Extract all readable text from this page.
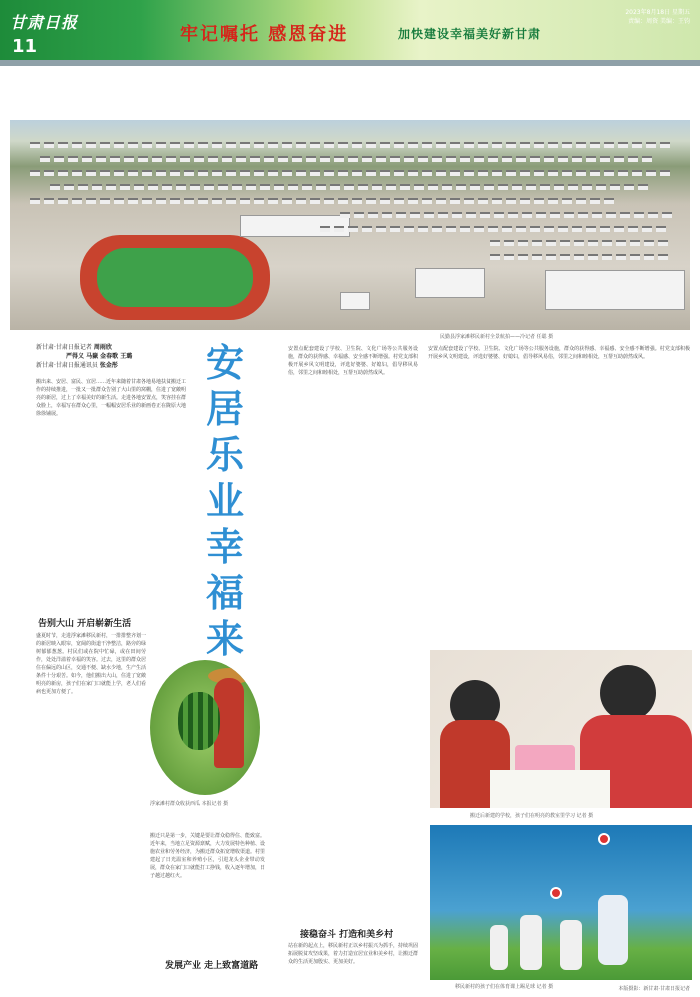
甘肃日报
11
牢记嘱托 感恩奋进	加快建设幸福美好新甘肃
2023年8月18日 星期五
责编：周资 美编：王钧
民勤县浮家滩移民新村全景航拍——冷记者 任聪 摄
新甘肃·甘肃日报记者 周雨欣
严得义 马嶽 金春歌 王璐
新甘肃·甘肃日报通讯员 张金彤
搬出来、安居、富民、宜居……近年来随着甘肃各地易地扶贫搬迁工作的持续推进，一批又一批群众告别了大山里的窝棚，住进了宽敞明亮的新居，过上了幸福美好的新生活。走进各地安置点，笑容挂在群众脸上，幸福写在群众心里，一幅幅安居乐业的新画卷正在陇原大地徐徐铺展。
安居乐业幸福来
告别大山 开启崭新生活
盛夏时节，走进浮家滩移民新村，一排排整齐划一的新居映入眼帘，宽阔的街道干净整洁，路旁的绿树郁郁葱葱。村民们或在院中忙碌，或在田间劳作，处处洋溢着幸福的笑容。过去，这里的群众居住在偏远的山区，交通不便、缺水少地，生产生活条件十分艰苦。如今，他们搬出大山，住进了宽敞明亮的新房，孩子们在家门口就能上学，老人们看病也更加方便了。
浮家滩村群众收获西瓜 本报记者 摄
搬迁只是第一步，关键是要让群众稳得住、能致富。近年来，当地立足资源禀赋，大力发展特色种植、设施农业和劳务经济，为搬迁群众拓宽增收渠道。村里建起了日光温室和养殖小区，引进龙头企业带动发展，群众在家门口就能打工挣钱，收入逐年增加，日子越过越红火。
发展产业 走上致富道路
安置点配套建设了学校、卫生院、文化广场等公共服务设施，群众的获得感、幸福感、安全感不断增强。村党支部积极开展乡风文明建设，评选好婆婆、好媳妇，倡导移风易俗，邻里之间和睦相处，互帮互助蔚然成风。
接稳奋斗 打造和美乡村
站在新的起点上，移民新村正以乡村振兴为抓手，持续巩固拓展脱贫攻坚成果，着力打造宜居宜业和美乡村，让搬迁群众的生活更加殷实、更加美好。
安置点配套建设了学校、卫生院、文化广场等公共服务设施，群众的获得感、幸福感、安全感不断增强。村党支部积极开展乡风文明建设，评选好婆婆、好媳妇，倡导移风易俗，邻里之间和睦相处，互帮互助蔚然成风。
搬迁后新建的学校，孩子们在明亮的教室里学习 记者 摄
移民新村的孩子们在体育课上踢足球 记者 摄	本版摄影：新甘肃·甘肃日报记者
